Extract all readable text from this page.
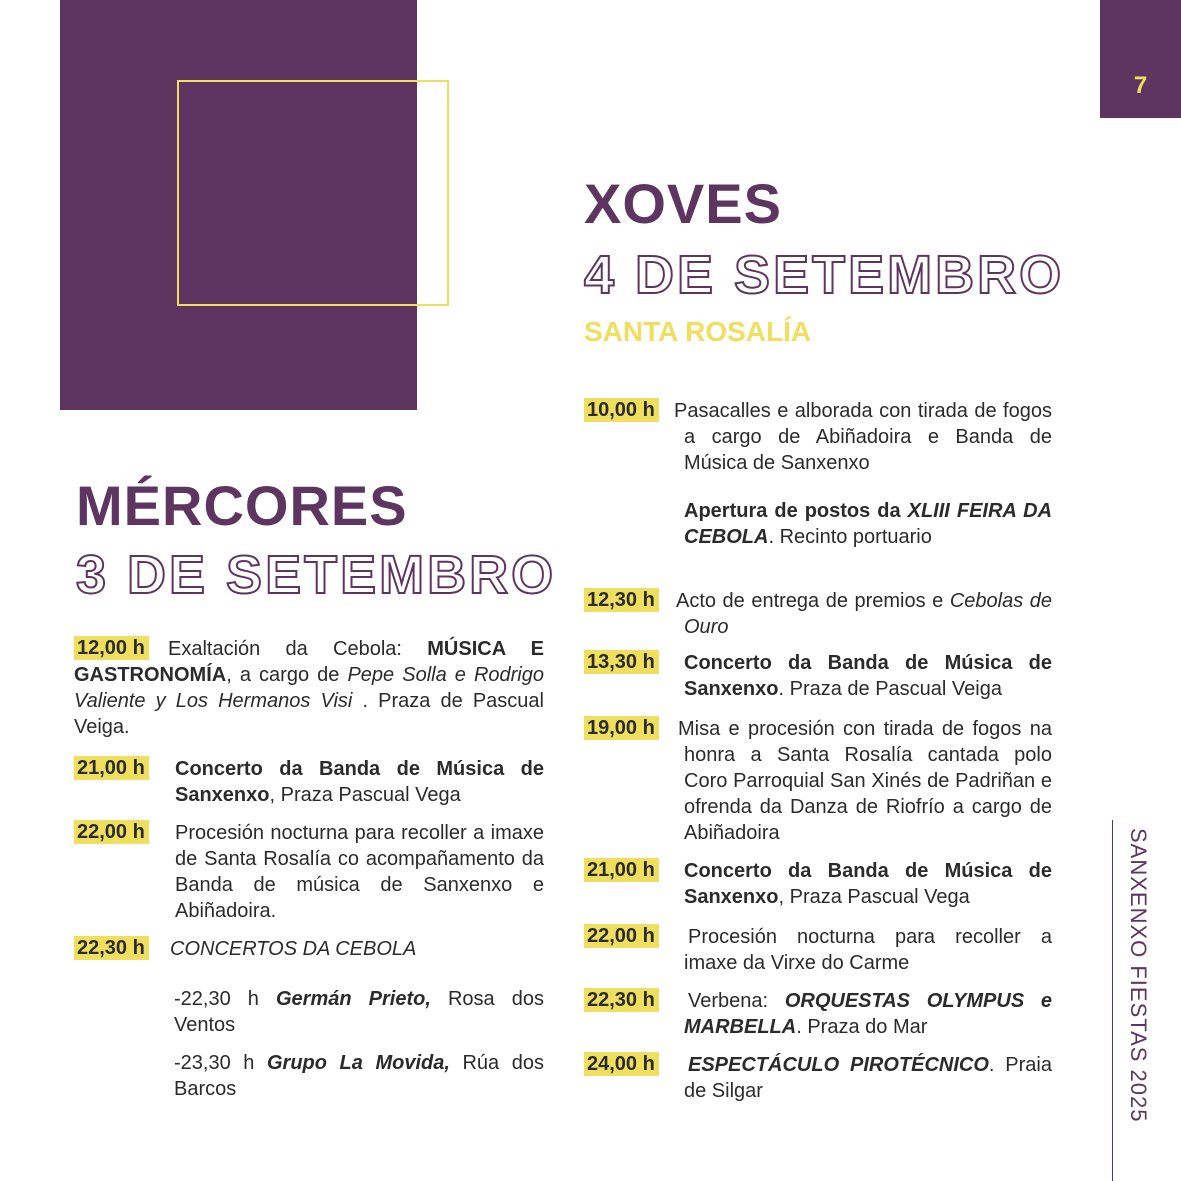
7
XOVES
4 DE SETEMBRO
SANTA ROSALÍA
MÉRCORES
3 DE SETEMBRO
12,00 h	Exaltación da Cebola: MÚSICA E GASTRONOMÍA, a cargo de Pepe Solla e Rodrigo Valiente y Los Hermanos Visi . Praza de Pascual Veiga.
21,00 h Concerto da Banda de Música de Sanxenxo, Praza Pascual Vega
22,00 h Procesión nocturna para recoller a imaxe de Santa Rosalía co acompañamento da Banda de música de Sanxenxo e Abiñadoira.
22,30 h CONCERTOS DA CEBOLA
-22,30 h Germán Prieto, Rosa dos Ventos
-23,30 h Grupo La Movida, Rúa dos Barcos
10,00 h Pasacalles e alborada con tirada de fogos a cargo de Abiñadoira e Banda de Música de Sanxenxo
Apertura de postos da XLIII FEIRA DA CEBOLA. Recinto portuario
12,30 h Acto de entrega de premios e Cebolas de Ouro
13,30 h Concerto da Banda de Música de Sanxenxo. Praza de Pascual Veiga
19,00 h Misa e procesión con tirada de fogos na honra a Santa Rosalía cantada polo Coro Parroquial San Xinés de Padriñan e ofrenda da Danza de Riofrío a cargo de Abiñadoira
21,00 h Concerto da Banda de Música de Sanxenxo, Praza Pascual Vega
22,00 h Procesión nocturna para recoller a imaxe da Virxe do Carme
22,30 h Verbena: ORQUESTAS OLYMPUS e MARBELLA. Praza do Mar
24,00 h ESPECTÁCULO PIROTÉCNICO. Praia de Silgar	SANXENXO FIESTAS 2025
